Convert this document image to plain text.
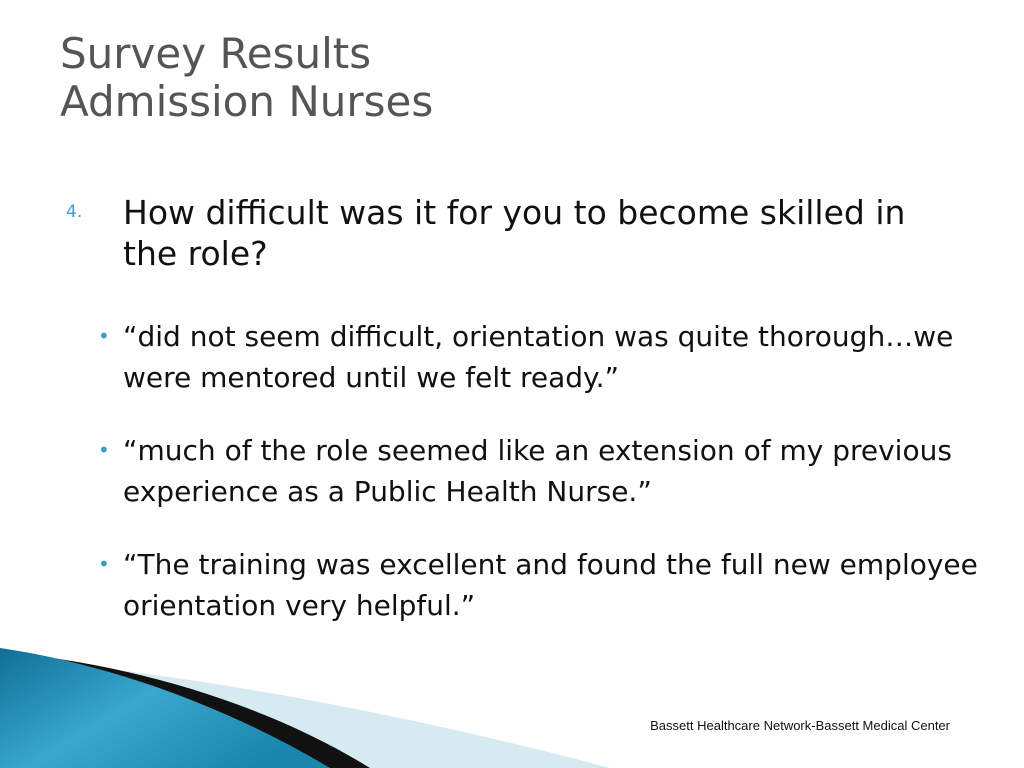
Survey Results
Admission Nurses
4. How difficult was it for you to become skilled in the role?
• “did not seem difficult, orientation was quite thorough…we were mentored until we felt ready.”
• “much of the role seemed like an extension of my previous experience as a Public Health Nurse.”
• “The training was excellent and found the full new employee orientation very helpful.”
Bassett Healthcare Network-Bassett Medical Center
